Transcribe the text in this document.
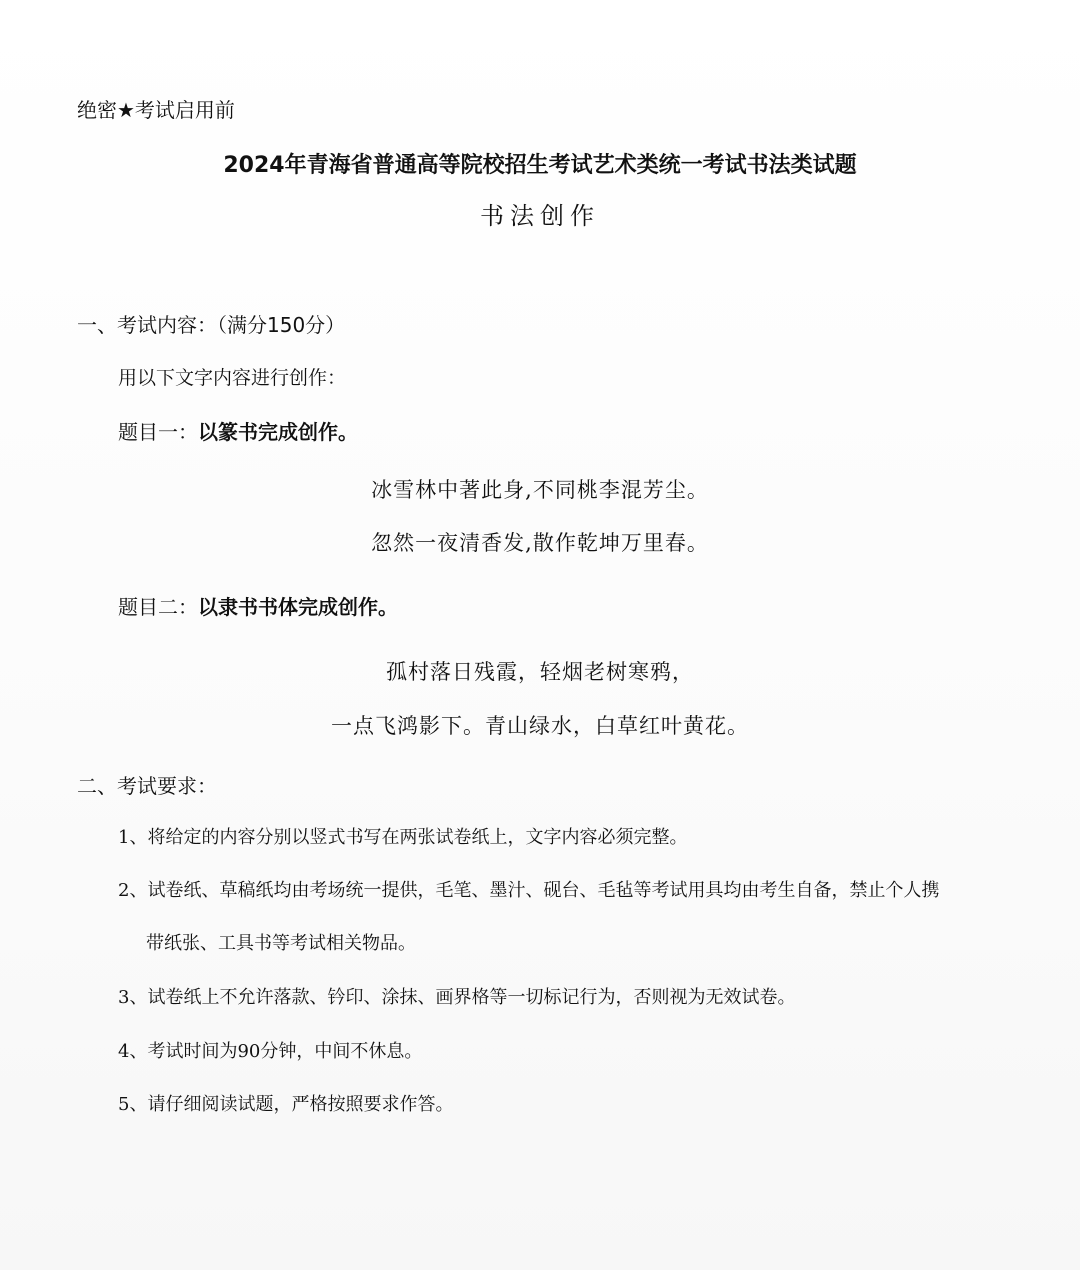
绝密★考试启用前
2024年青海省普通高等院校招生考试艺术类统一考试书法类试题
书法创作
一、考试内容：（满分150分）
用以下文字内容进行创作：
题目一：以篆书完成创作。
冰雪林中著此身,不同桃李混芳尘。
忽然一夜清香发,散作乾坤万里春。
题目二：以隶书书体完成创作。
孤村落日残霞，轻烟老树寒鸦，
一点飞鸿影下。青山绿水，白草红叶黄花。
二、考试要求：
1、将给定的内容分别以竖式书写在两张试卷纸上，文字内容必须完整。
2、试卷纸、草稿纸均由考场统一提供，毛笔、墨汁、砚台、毛毡等考试用具均由考生自备，禁止个人携
带纸张、工具书等考试相关物品。
3、试卷纸上不允许落款、钤印、涂抹、画界格等一切标记行为，否则视为无效试卷。
4、考试时间为90分钟，中间不休息。
5、请仔细阅读试题，严格按照要求作答。
